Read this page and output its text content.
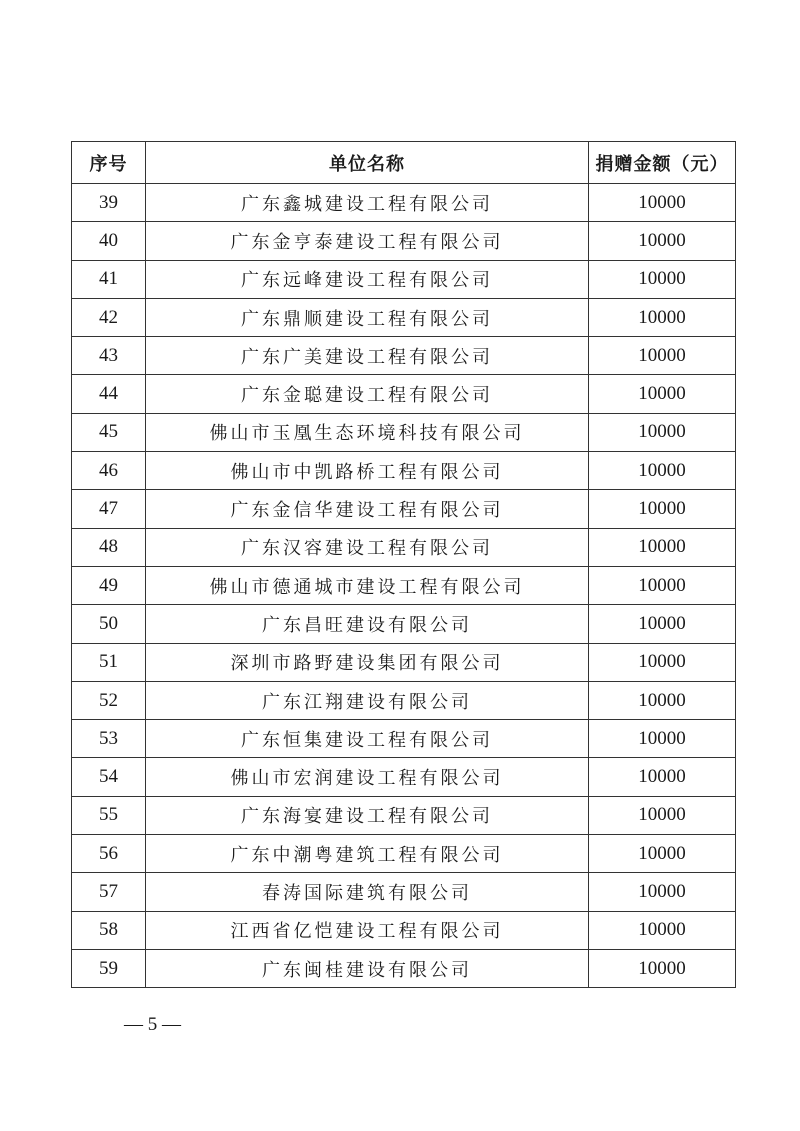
序号	单位名称	捐赠金额（元）
39	广东鑫城建设工程有限公司	10000
40	广东金亨泰建设工程有限公司	10000
41	广东远峰建设工程有限公司	10000
42	广东鼎顺建设工程有限公司	10000
43	广东广美建设工程有限公司	10000
44	广东金聪建设工程有限公司	10000
45	佛山市玉凰生态环境科技有限公司	10000
46	佛山市中凯路桥工程有限公司	10000
47	广东金信华建设工程有限公司	10000
48	广东汉容建设工程有限公司	10000
49	佛山市德通城市建设工程有限公司	10000
50	广东昌旺建设有限公司	10000
51	深圳市路野建设集团有限公司	10000
52	广东江翔建设有限公司	10000
53	广东恒集建设工程有限公司	10000
54	佛山市宏润建设工程有限公司	10000
55	广东海宴建设工程有限公司	10000
56	广东中潮粤建筑工程有限公司	10000
57	春涛国际建筑有限公司	10000
58	江西省亿恺建设工程有限公司	10000
59	广东闽桂建设有限公司	10000
— 5 —
